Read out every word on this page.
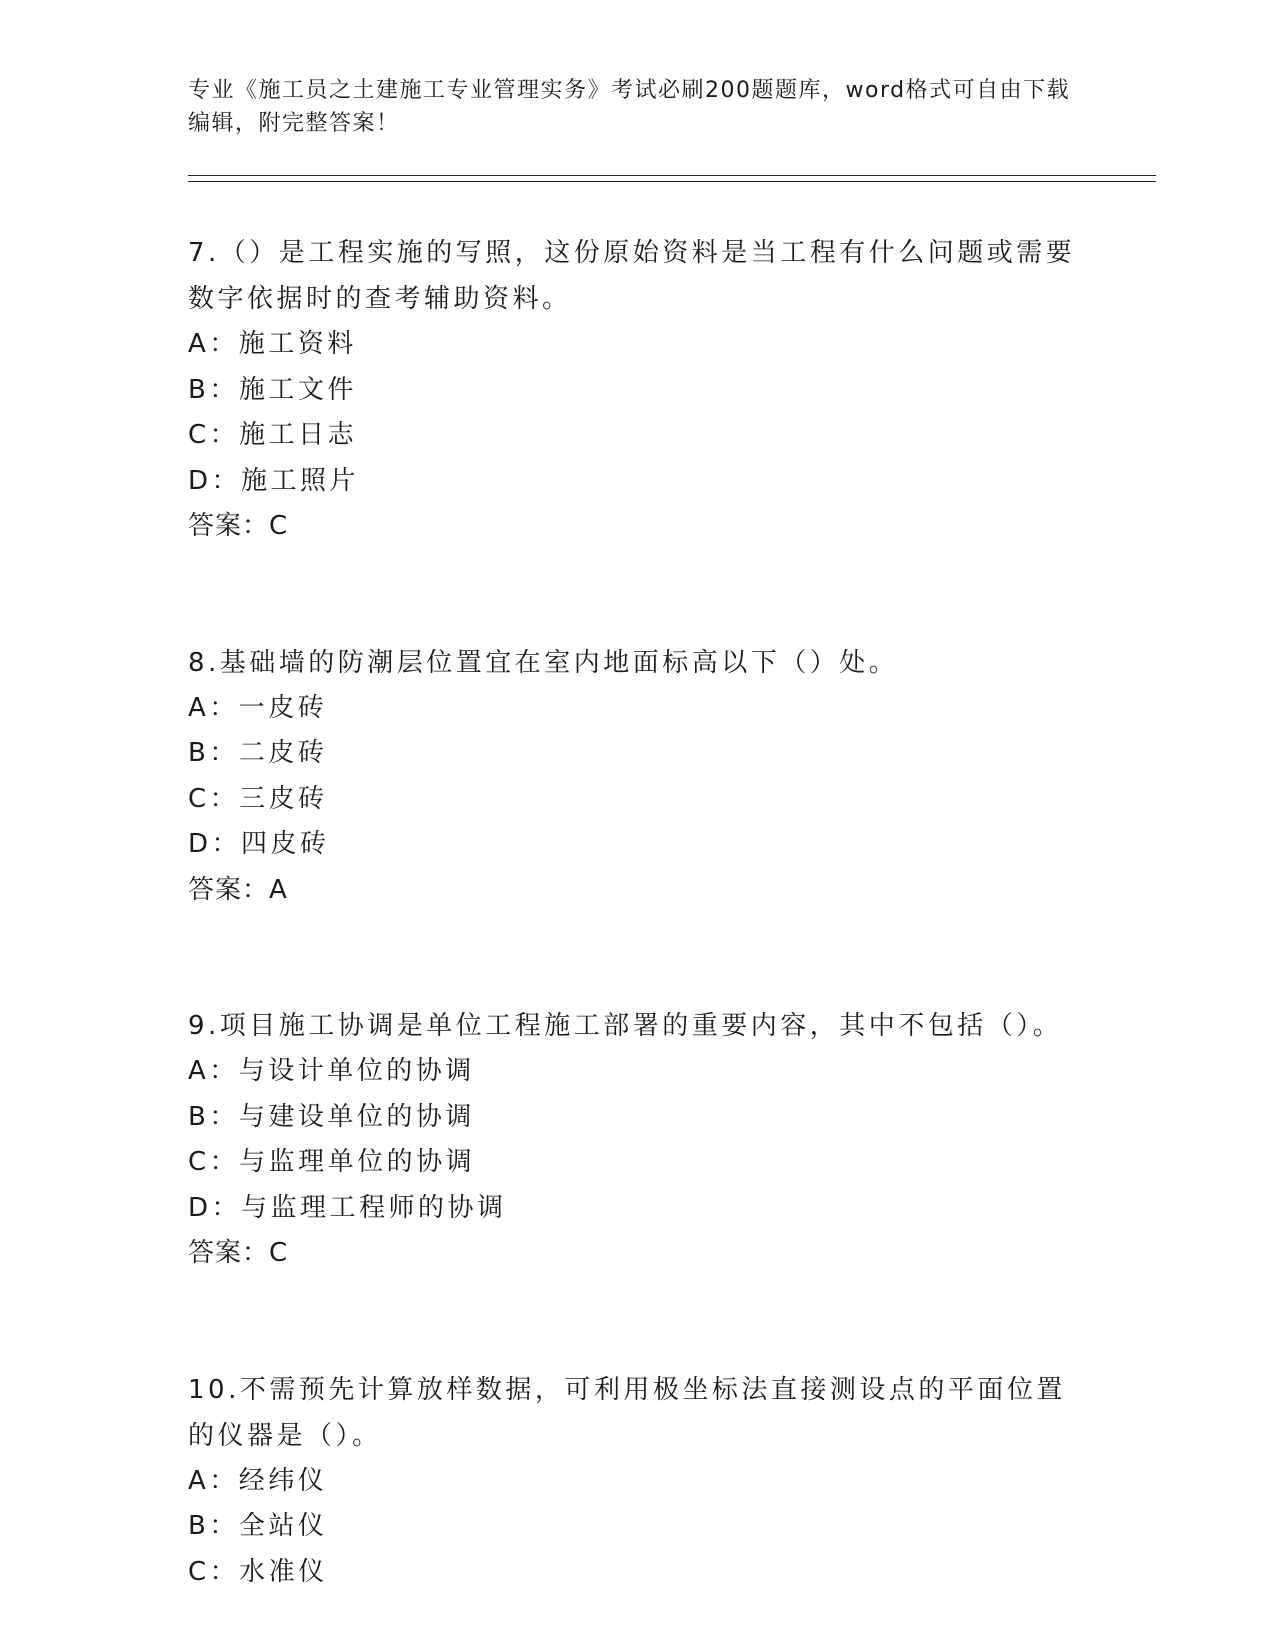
专业《施工员之土建施工专业管理实务》考试必刷200题题库，word格式可自由下载编辑，附完整答案！
7.（）是工程实施的写照，这份原始资料是当工程有什么问题或需要数字依据时的查考辅助资料。
A：施工资料
B：施工文件
C：施工日志
D：施工照片
答案：C
8.基础墙的防潮层位置宜在室内地面标高以下（）处。
A：一皮砖
B：二皮砖
C：三皮砖
D：四皮砖
答案：A
9.项目施工协调是单位工程施工部署的重要内容，其中不包括（）。
A：与设计单位的协调
B：与建设单位的协调
C：与监理单位的协调
D：与监理工程师的协调
答案：C
10.不需预先计算放样数据，可利用极坐标法直接测设点的平面位置的仪器是（）。
A：经纬仪
B：全站仪
C：水准仪
